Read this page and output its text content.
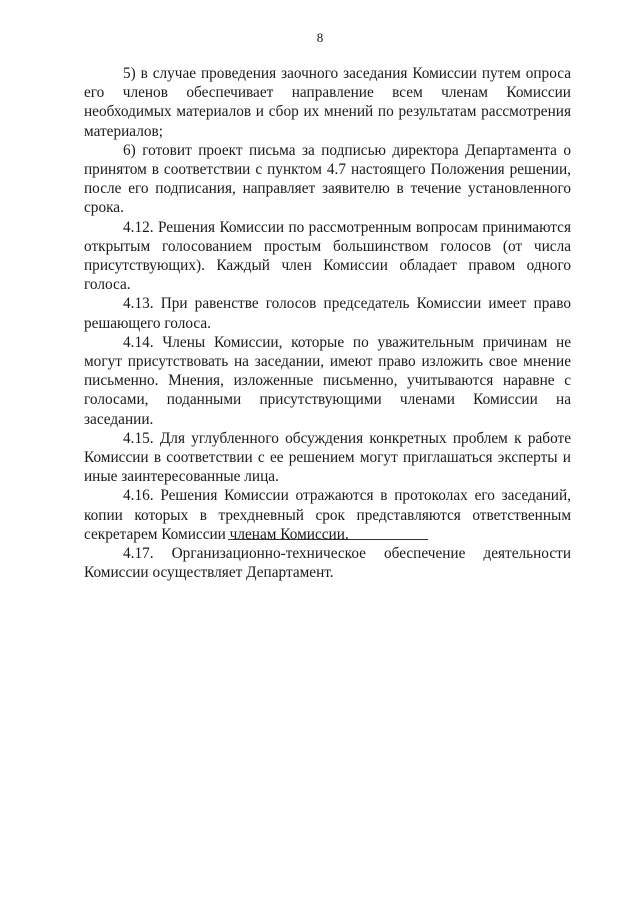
8

5) в случае проведения заочного заседания Комиссии путем опроса его членов обеспечивает направление всем членам Комиссии необходимых материалов и сбор их мнений по результатам рассмотрения материалов;

6) готовит проект письма за подписью директора Департамента о принятом в соответствии с пунктом 4.7 настоящего Положения решении, после его подписания, направляет заявителю в течение установленного срока.

4.12. Решения Комиссии по рассмотренным вопросам принимаются открытым голосованием простым большинством голосов (от числа присутствующих). Каждый член Комиссии обладает правом одного голоса.

4.13. При равенстве голосов председатель Комиссии имеет право решающего голоса.

4.14. Члены Комиссии, которые по уважительным причинам не могут присутствовать на заседании, имеют право изложить свое мнение письменно. Мнения, изложенные письменно, учитываются наравне с голосами, поданными присутствующими членами Комиссии на заседании.

4.15. Для углубленного обсуждения конкретных проблем к работе Комиссии в соответствии с ее решением могут приглашаться эксперты и иные заинтересованные лица.

4.16. Решения Комиссии отражаются в протоколах его заседаний, копии которых в трехдневный срок представляются ответственным секретарем Комиссии членам Комиссии.

4.17. Организационно-техническое обеспечение деятельности Комиссии осуществляет Департамент.
